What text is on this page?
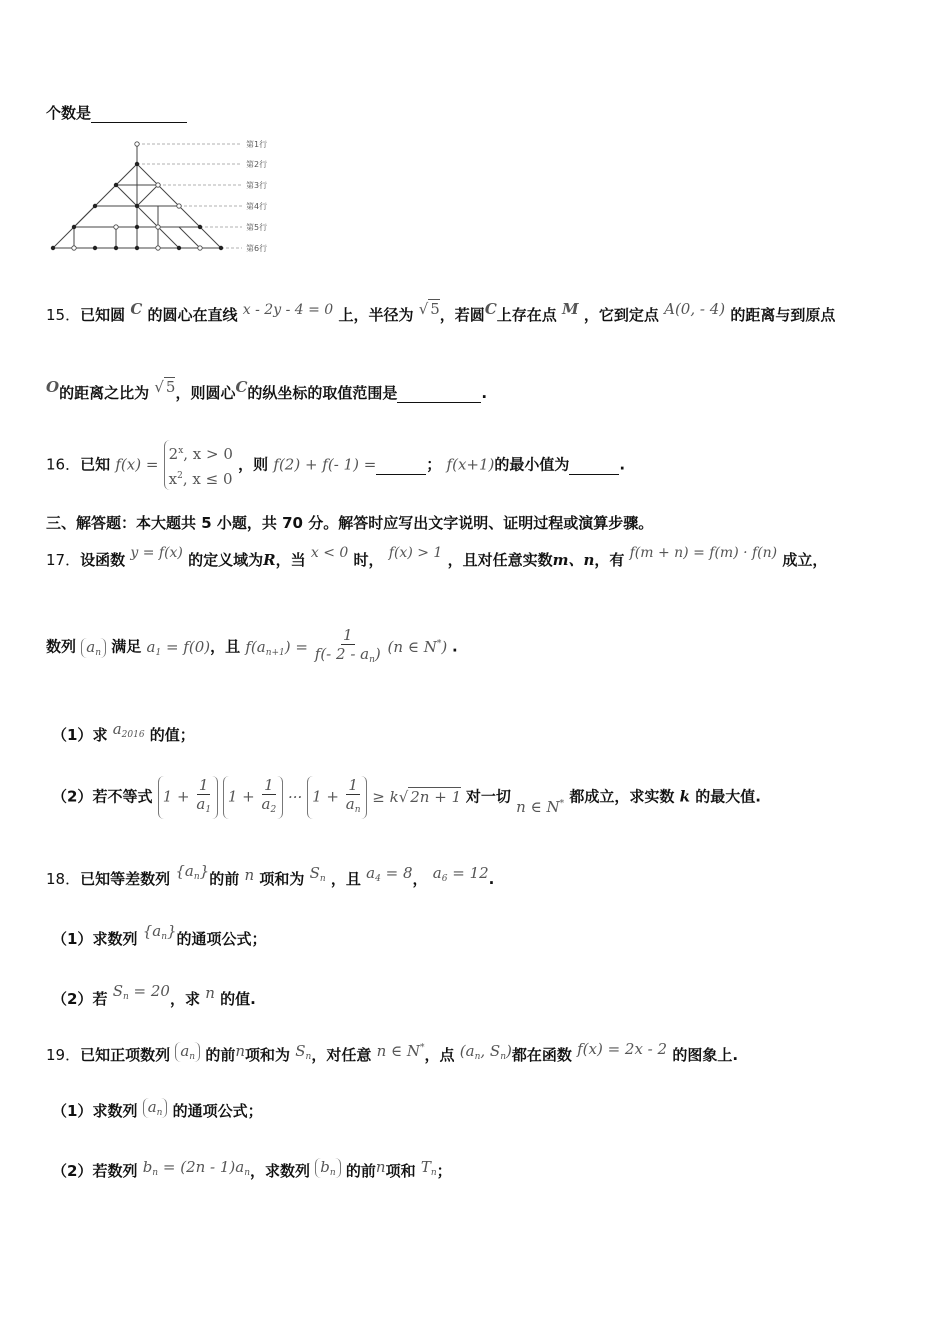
个数是
第1行
第2行
第3行
第4行
第5行
第6行
15．已知圆 C 的圆心在直线 x - 2y - 4 = 0 上，半径为 √ 5，若圆C上存在点 M ，它到定点 A(0, - 4) 的距离与到原点
O的距离之比为 √ 5，则圆心C的纵坐标的取值范围是	.
16．已知 f(x) =
2$^x$, x > 0
$x^2$, x ≤ 0
，则 f(2) + f(- 1) =	； f(x+1)的最小值为	.
三、解答题：本大题共 5 小题，共 70 分。解答时应写出文字说明、证明过程或演算步骤。
17．设函数 y = f(x) 的定义域为R，当 x < 0 时， f(x) > 1 ，且对任意实数m、n，有 f(m + n) = f(m) · f(n) 成立，
数列 $a_n$ 满足 $a_1 = f(0)$，且 $f(a_{n+1}) = \frac{1}{f(- 2 - a_n)} (n$ ∈ N*) .
（1）求 $a_{2016}$ 的值；
（2）若不等式 $1 + \frac{1}{a_1} 1 + \frac{1}{a_2}$ ··· $1 + \frac{1}{a_n} \ge k√$ 2n + 1 对一切 n ∈ N* 都成立，求实数 k 的最大值.
18．已知等差数列 $\{a_n\}$的前 n 项和为 $S_n$ ，且 $a_4 = 8$， $a_6 = 12$.
（1）求数列 $\{a_n\}$的通项公式；
（2）若 $S_n = 20$，求 n 的值.
19．已知正项数列 $a_n$ 的前n项和为 $S_n$，对任意 n ∈ N*，点 ($a_n$, $S_n$)都在函数 f(x) = 2x - 2 的图象上.
（1）求数列 $a_n$ 的通项公式；
（2）若数列 $b_n = (2n - 1)a_n$，求数列 $b_n$ 的前n项和 $T_n$；
